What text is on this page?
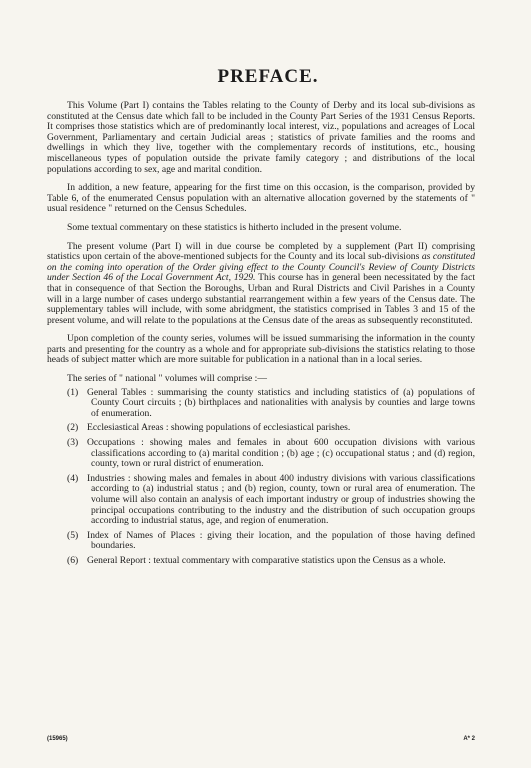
PREFACE.

This Volume (Part I) contains the Tables relating to the County of Derby and its local sub-divisions as constituted at the Census date which fall to be included in the County Part Series of the 1931 Census Reports. It comprises those statistics which are of predominantly local interest, viz., populations and acreages of Local Government, Parliamentary and certain Judicial areas ; statistics of private families and the rooms and dwellings in which they live, together with the complementary records of institutions, etc., housing miscellaneous types of population outside the private family category ; and distributions of the local populations according to sex, age and marital condition.

In addition, a new feature, appearing for the first time on this occasion, is the comparison, provided by Table 6, of the enumerated Census population with an alternative allocation governed by the statements of " usual residence " returned on the Census Schedules.

Some textual commentary on these statistics is hitherto included in the present volume.

The present volume (Part I) will in due course be completed by a supplement (Part II) comprising statistics upon certain of the above-mentioned subjects for the County and its local sub-divisions as constituted on the coming into operation of the Order giving effect to the County Council's Review of County Districts under Section 46 of the Local Government Act, 1929. This course has in general been necessitated by the fact that in consequence of that Section the Boroughs, Urban and Rural Districts and Civil Parishes in a County will in a large number of cases undergo substantial rearrangement within a few years of the Census date. The supplementary tables will include, with some abridgment, the statistics comprised in Tables 3 and 15 of the present volume, and will relate to the populations at the Census date of the areas as subsequently reconstituted.

Upon completion of the county series, volumes will be issued summarising the information in the county parts and presenting for the country as a whole and for appropriate sub-divisions the statistics relating to those heads of subject matter which are more suitable for publication in a national than in a local series.

The series of " national " volumes will comprise :—

(1) General Tables : summarising the county statistics and including statistics of (a) populations of County Court circuits ; (b) birthplaces and nationalities with analysis by counties and large towns of enumeration.
(2) Ecclesiastical Areas : showing populations of ecclesiastical parishes.
(3) Occupations : showing males and females in about 600 occupation divisions with various classifications according to (a) marital condition ; (b) age ; (c) occupational status ; and (d) region, county, town or rural district of enumeration.
(4) Industries : showing males and females in about 400 industry divisions with various classifications according to (a) industrial status ; and (b) region, county, town or rural area of enumeration. The volume will also contain an analysis of each important industry or group of industries showing the principal occupations contributing to the industry and the distribution of such occupation groups according to industrial status, age, and region of enumeration.
(5) Index of Names of Places : giving their location, and the population of those having defined boundaries.
(6) General Report : textual commentary with comparative statistics upon the Census as a whole.
(15965)	A* 2
